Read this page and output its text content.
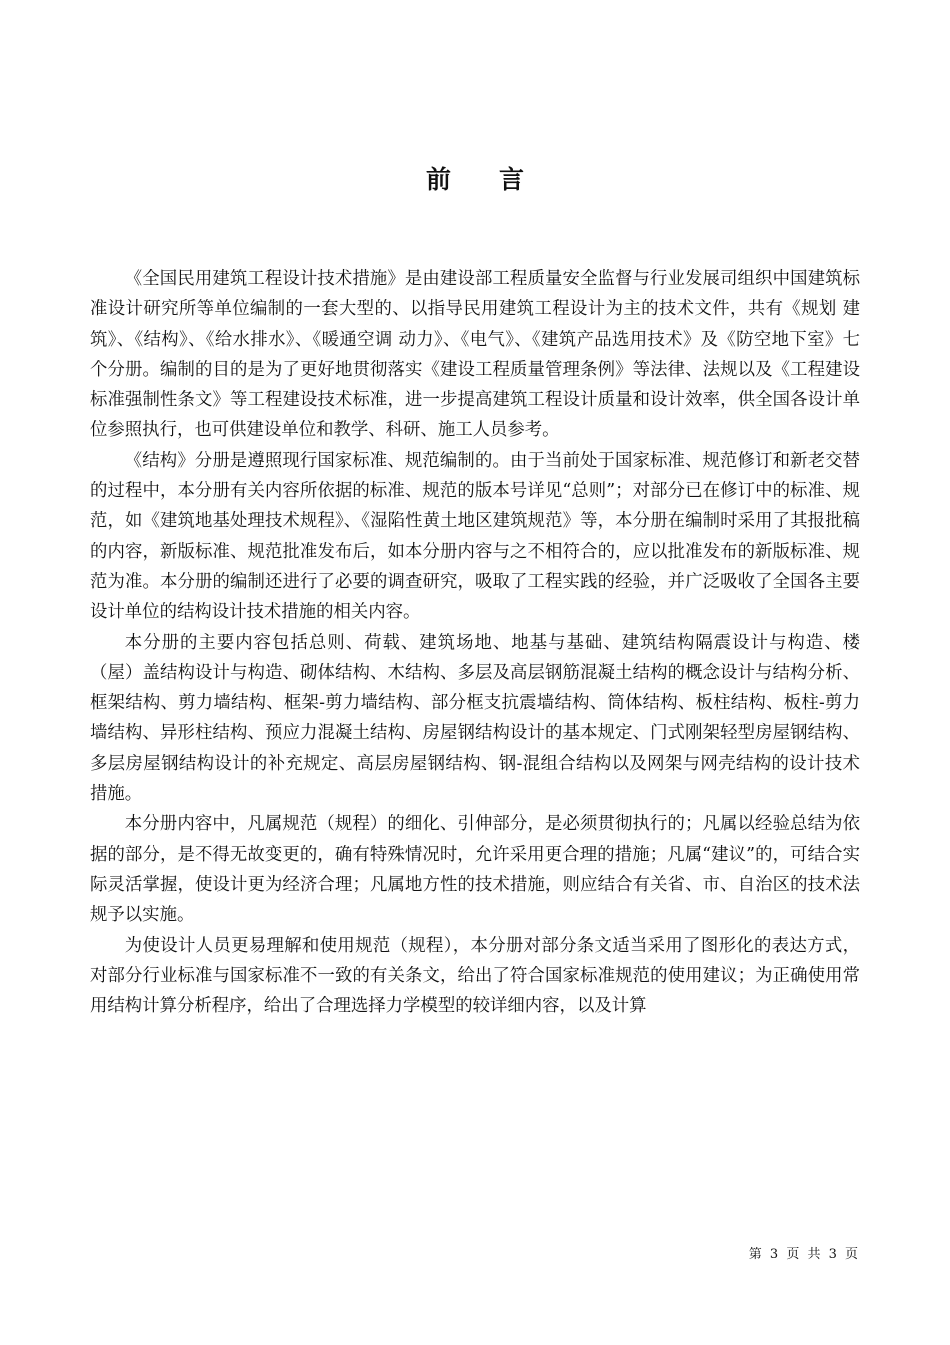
前言

《全国民用建筑工程设计技术措施》是由建设部工程质量安全监督与行业发展司组织中国建筑标准设计研究所等单位编制的一套大型的、以指导民用建筑工程设计为主的技术文件，共有《规划 建筑》、《结构》、《给水排水》、《暖通空调 动力》、《电气》、《建筑产品选用技术》及《防空地下室》七个分册。编制的目的是为了更好地贯彻落实《建设工程质量管理条例》等法律、法规以及《工程建设标准强制性条文》等工程建设技术标准，进一步提高建筑工程设计质量和设计效率，供全国各设计单位参照执行，也可供建设单位和教学、科研、施工人员参考。

《结构》分册是遵照现行国家标准、规范编制的。由于当前处于国家标准、规范修订和新老交替的过程中，本分册有关内容所依据的标准、规范的版本号详见“总则”；对部分已在修订中的标准、规范，如《建筑地基处理技术规程》、《湿陷性黄土地区建筑规范》等，本分册在编制时采用了其报批稿的内容，新版标准、规范批准发布后，如本分册内容与之不相符合的，应以批准发布的新版标准、规范为准。本分册的编制还进行了必要的调查研究，吸取了工程实践的经验，并广泛吸收了全国各主要设计单位的结构设计技术措施的相关内容。

本分册的主要内容包括总则、荷载、建筑场地、地基与基础、建筑结构隔震设计与构造、楼（屋）盖结构设计与构造、砌体结构、木结构、多层及高层钢筋混凝土结构的概念设计与结构分析、框架结构、剪力墙结构、框架-剪力墙结构、部分框支抗震墙结构、筒体结构、板柱结构、板柱-剪力墙结构、异形柱结构、预应力混凝土结构、房屋钢结构设计的基本规定、门式刚架轻型房屋钢结构、多层房屋钢结构设计的补充规定、高层房屋钢结构、钢-混组合结构以及网架与网壳结构的设计技术措施。

本分册内容中，凡属规范（规程）的细化、引伸部分，是必须贯彻执行的；凡属以经验总结为依据的部分，是不得无故变更的，确有特殊情况时，允许采用更合理的措施；凡属“建议”的，可结合实际灵活掌握，使设计更为经济合理；凡属地方性的技术措施，则应结合有关省、市、自治区的技术法规予以实施。

为使设计人员更易理解和使用规范（规程），本分册对部分条文适当采用了图形化的表达方式，对部分行业标准与国家标准不一致的有关条文，给出了符合国家标准规范的使用建议；为正确使用常用结构计算分析程序，给出了合理选择力学模型的较详细内容，以及计算

第 3 页 共 3 页
